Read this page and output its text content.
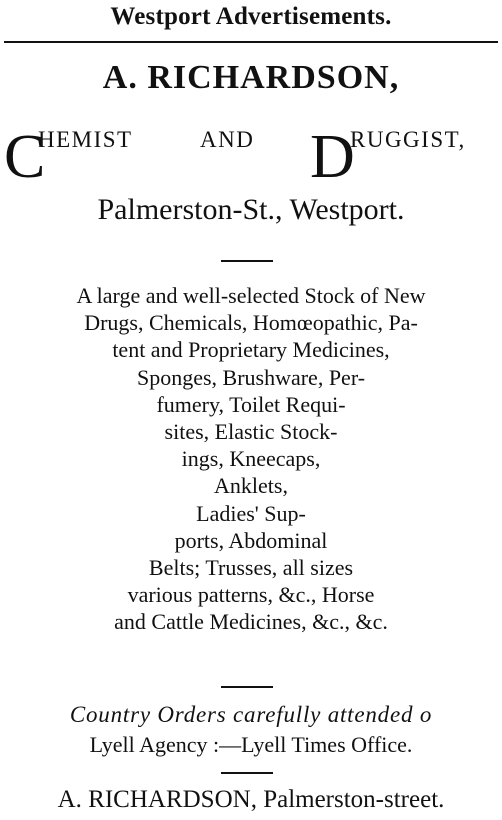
Westport Advertisements.
A. RICHARDSON,
C
HEMIST	AND D
RUGGIST,
Palmerston-St., Westport.
A large and well-selected Stock of New
Drugs, Chemicals, Homœopathic, Pa-
tent and Proprietary Medicines,
Sponges, Brushware, Per-
fumery, Toilet Requi-
sites, Elastic Stock-
ings, Kneecaps,
Anklets,
Ladies' Sup-
ports, Abdominal
Belts; Trusses, all sizes
various patterns, &c., Horse
and Cattle Medicines, &c., &c.
Country Orders carefully attended o
Lyell Agency :—Lyell Times Office.
A. RICHARDSON, Palmerston-street.
